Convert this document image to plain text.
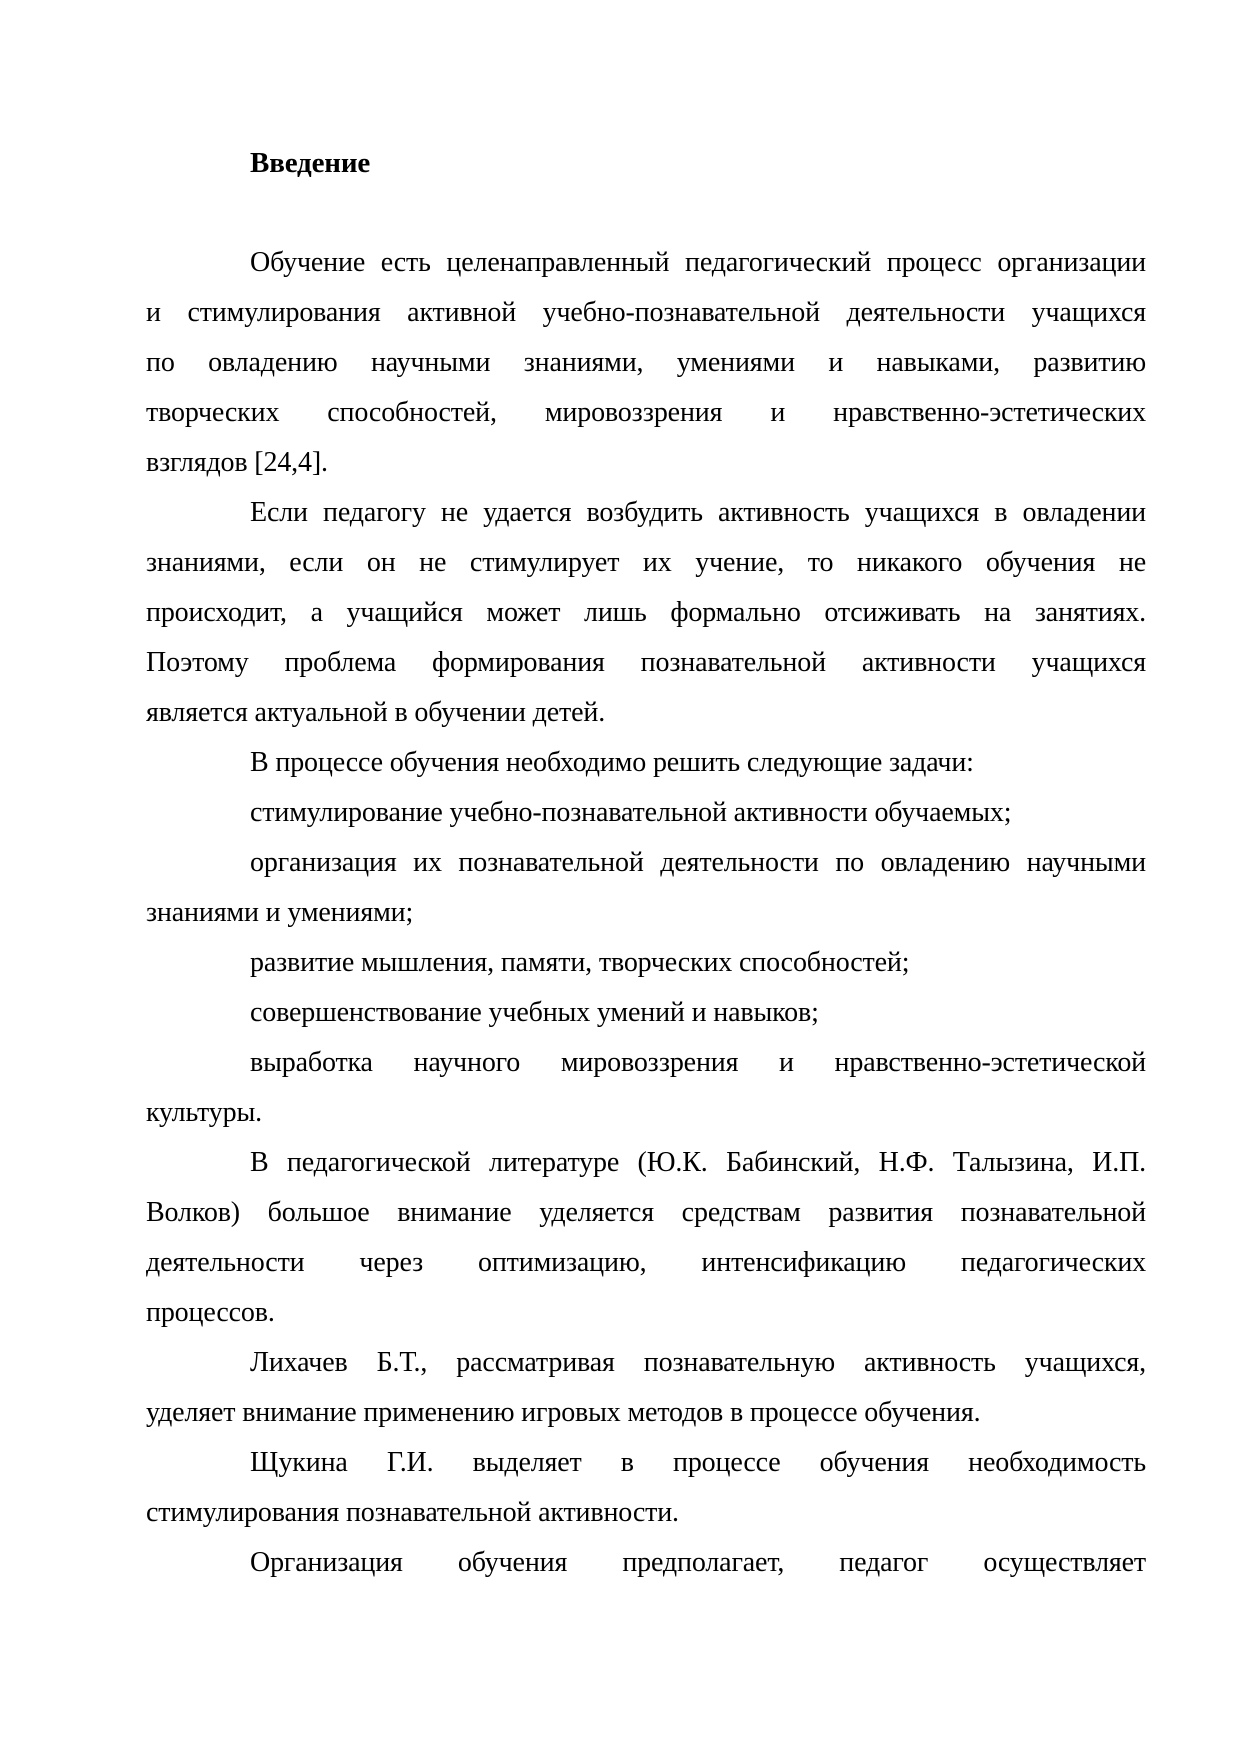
Введение
Обучение есть целенаправленный педагогический процесс организации
и стимулирования активной учебно-познавательной деятельности учащихся
по овладению научными знаниями, умениями и навыками, развитию
творческих способностей, мировоззрения и нравственно-эстетических
взглядов [24,4].
Если педагогу не удается возбудить активность учащихся в овладении
знаниями, если он не стимулирует их учение, то никакого обучения не
происходит, а учащийся может лишь формально отсиживать на занятиях.
Поэтому проблема формирования познавательной активности учащихся
является актуальной в обучении детей.
В процессе обучения необходимо решить следующие задачи:
стимулирование учебно-познавательной активности обучаемых;
организация их познавательной деятельности по овладению научными
знаниями и умениями;
развитие мышления, памяти, творческих способностей;
совершенствование учебных умений и навыков;
выработка научного мировоззрения и нравственно-эстетической
культуры.
В педагогической литературе (Ю.К. Бабинский, Н.Ф. Талызина, И.П.
Волков) большое внимание уделяется средствам развития познавательной
деятельности через оптимизацию, интенсификацию педагогических
процессов.
Лихачев Б.Т., рассматривая познавательную активность учащихся,
уделяет внимание применению игровых методов в процессе обучения.
Щукина Г.И. выделяет в процессе обучения необходимость
стимулирования познавательной активности.
Организация обучения предполагает, педагог осуществляет
